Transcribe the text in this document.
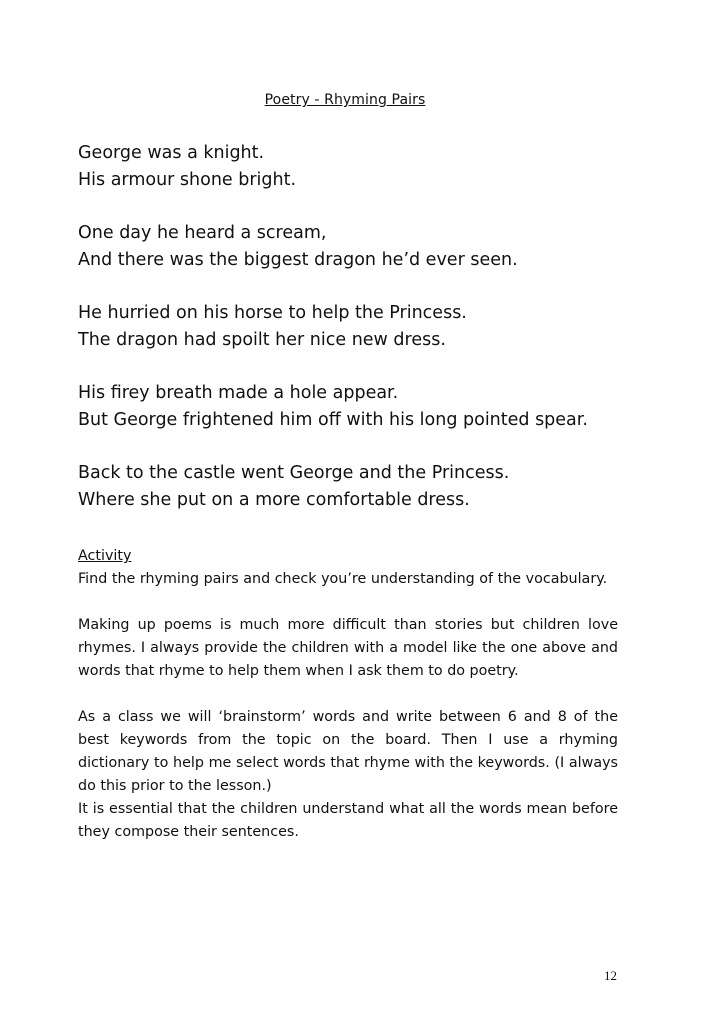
Poetry - Rhyming Pairs
George was a knight.
His armour shone bright.
One day he heard a scream,
And there was the biggest dragon he’d ever seen.
He hurried on his horse to help the Princess.
The dragon had spoilt her nice new dress.
His firey breath made a hole appear.
But George frightened him off with his long pointed spear.
Back to the castle went George and the Princess.
Where she put on a more comfortable dress.
Activity

Find the rhyming pairs and check you’re understanding of the vocabulary.

Making up poems is much more difficult than stories but children love rhymes. I always provide the children with a model like the one above and words that rhyme to help them when I ask them to do poetry.

As a class we will ‘brainstorm’ words and write between 6 and 8 of the best keywords from the topic on the board. Then I use a rhyming dictionary to help me select words that rhyme with the keywords. (I always do this prior to the lesson.)

It is essential that the children understand what all the words mean before they compose their sentences.

12
